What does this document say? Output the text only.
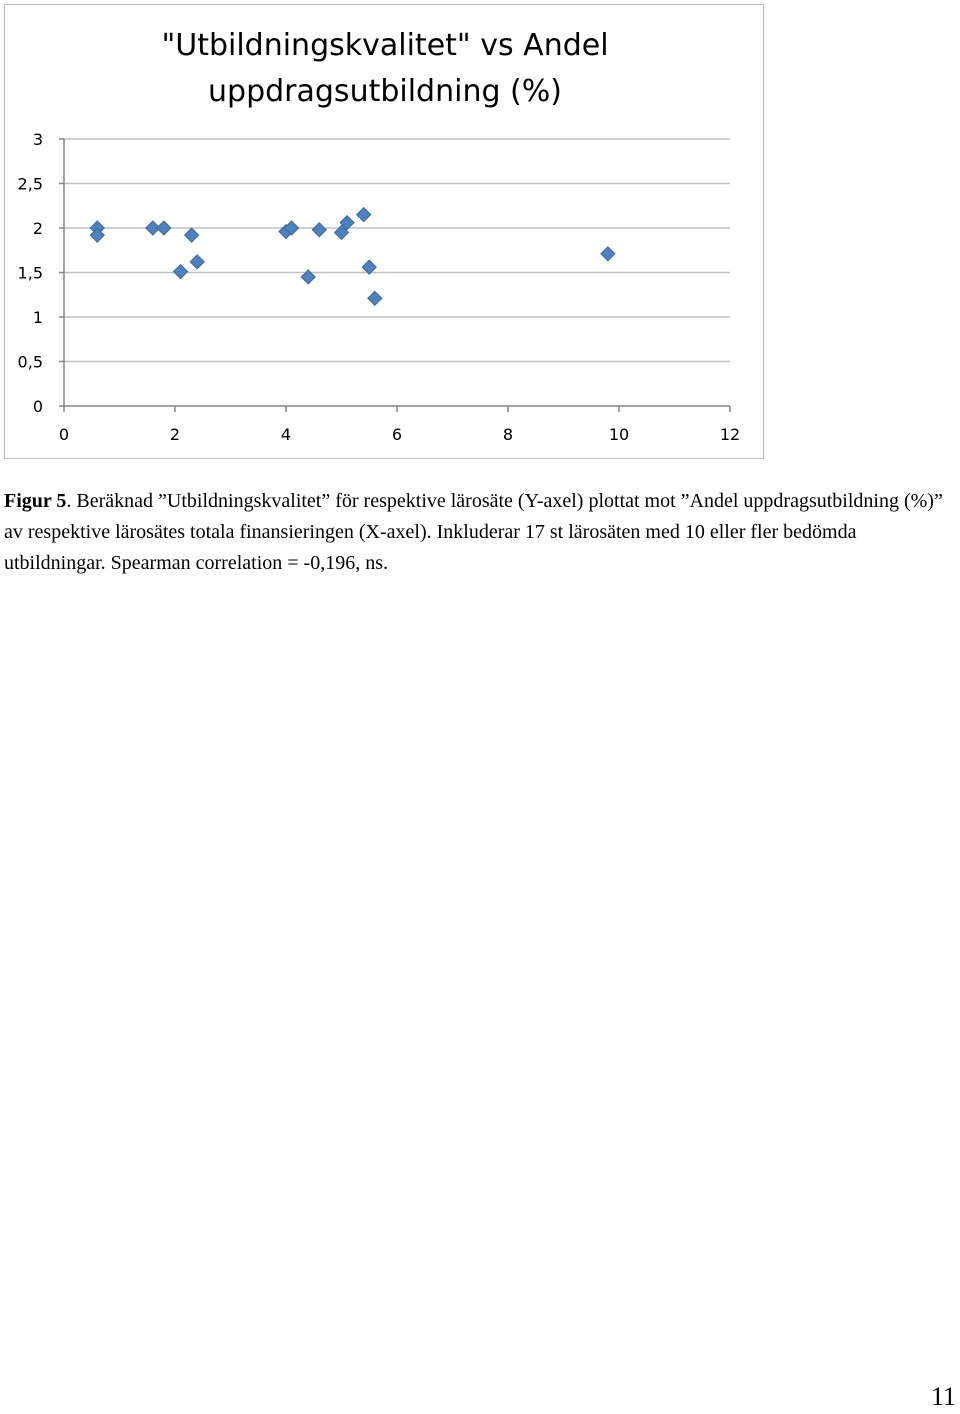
"Utbildningskvalitet" vs Andel uppdragsutbildning (%)
0
0,5
1
1,5
2
2,5
3
0	2	4	6	8	10	12
Figur 5. Beräknad ”Utbildningskvalitet” för respektive lärosäte (Y-axel) plottat mot ”Andel uppdragsutbildning (%)” av respektive lärosätes totala finansieringen (X-axel). Inkluderar 17 st lärosäten med 10 eller fler bedömda utbildningar. Spearman correlation = -0,196, ns.
11
